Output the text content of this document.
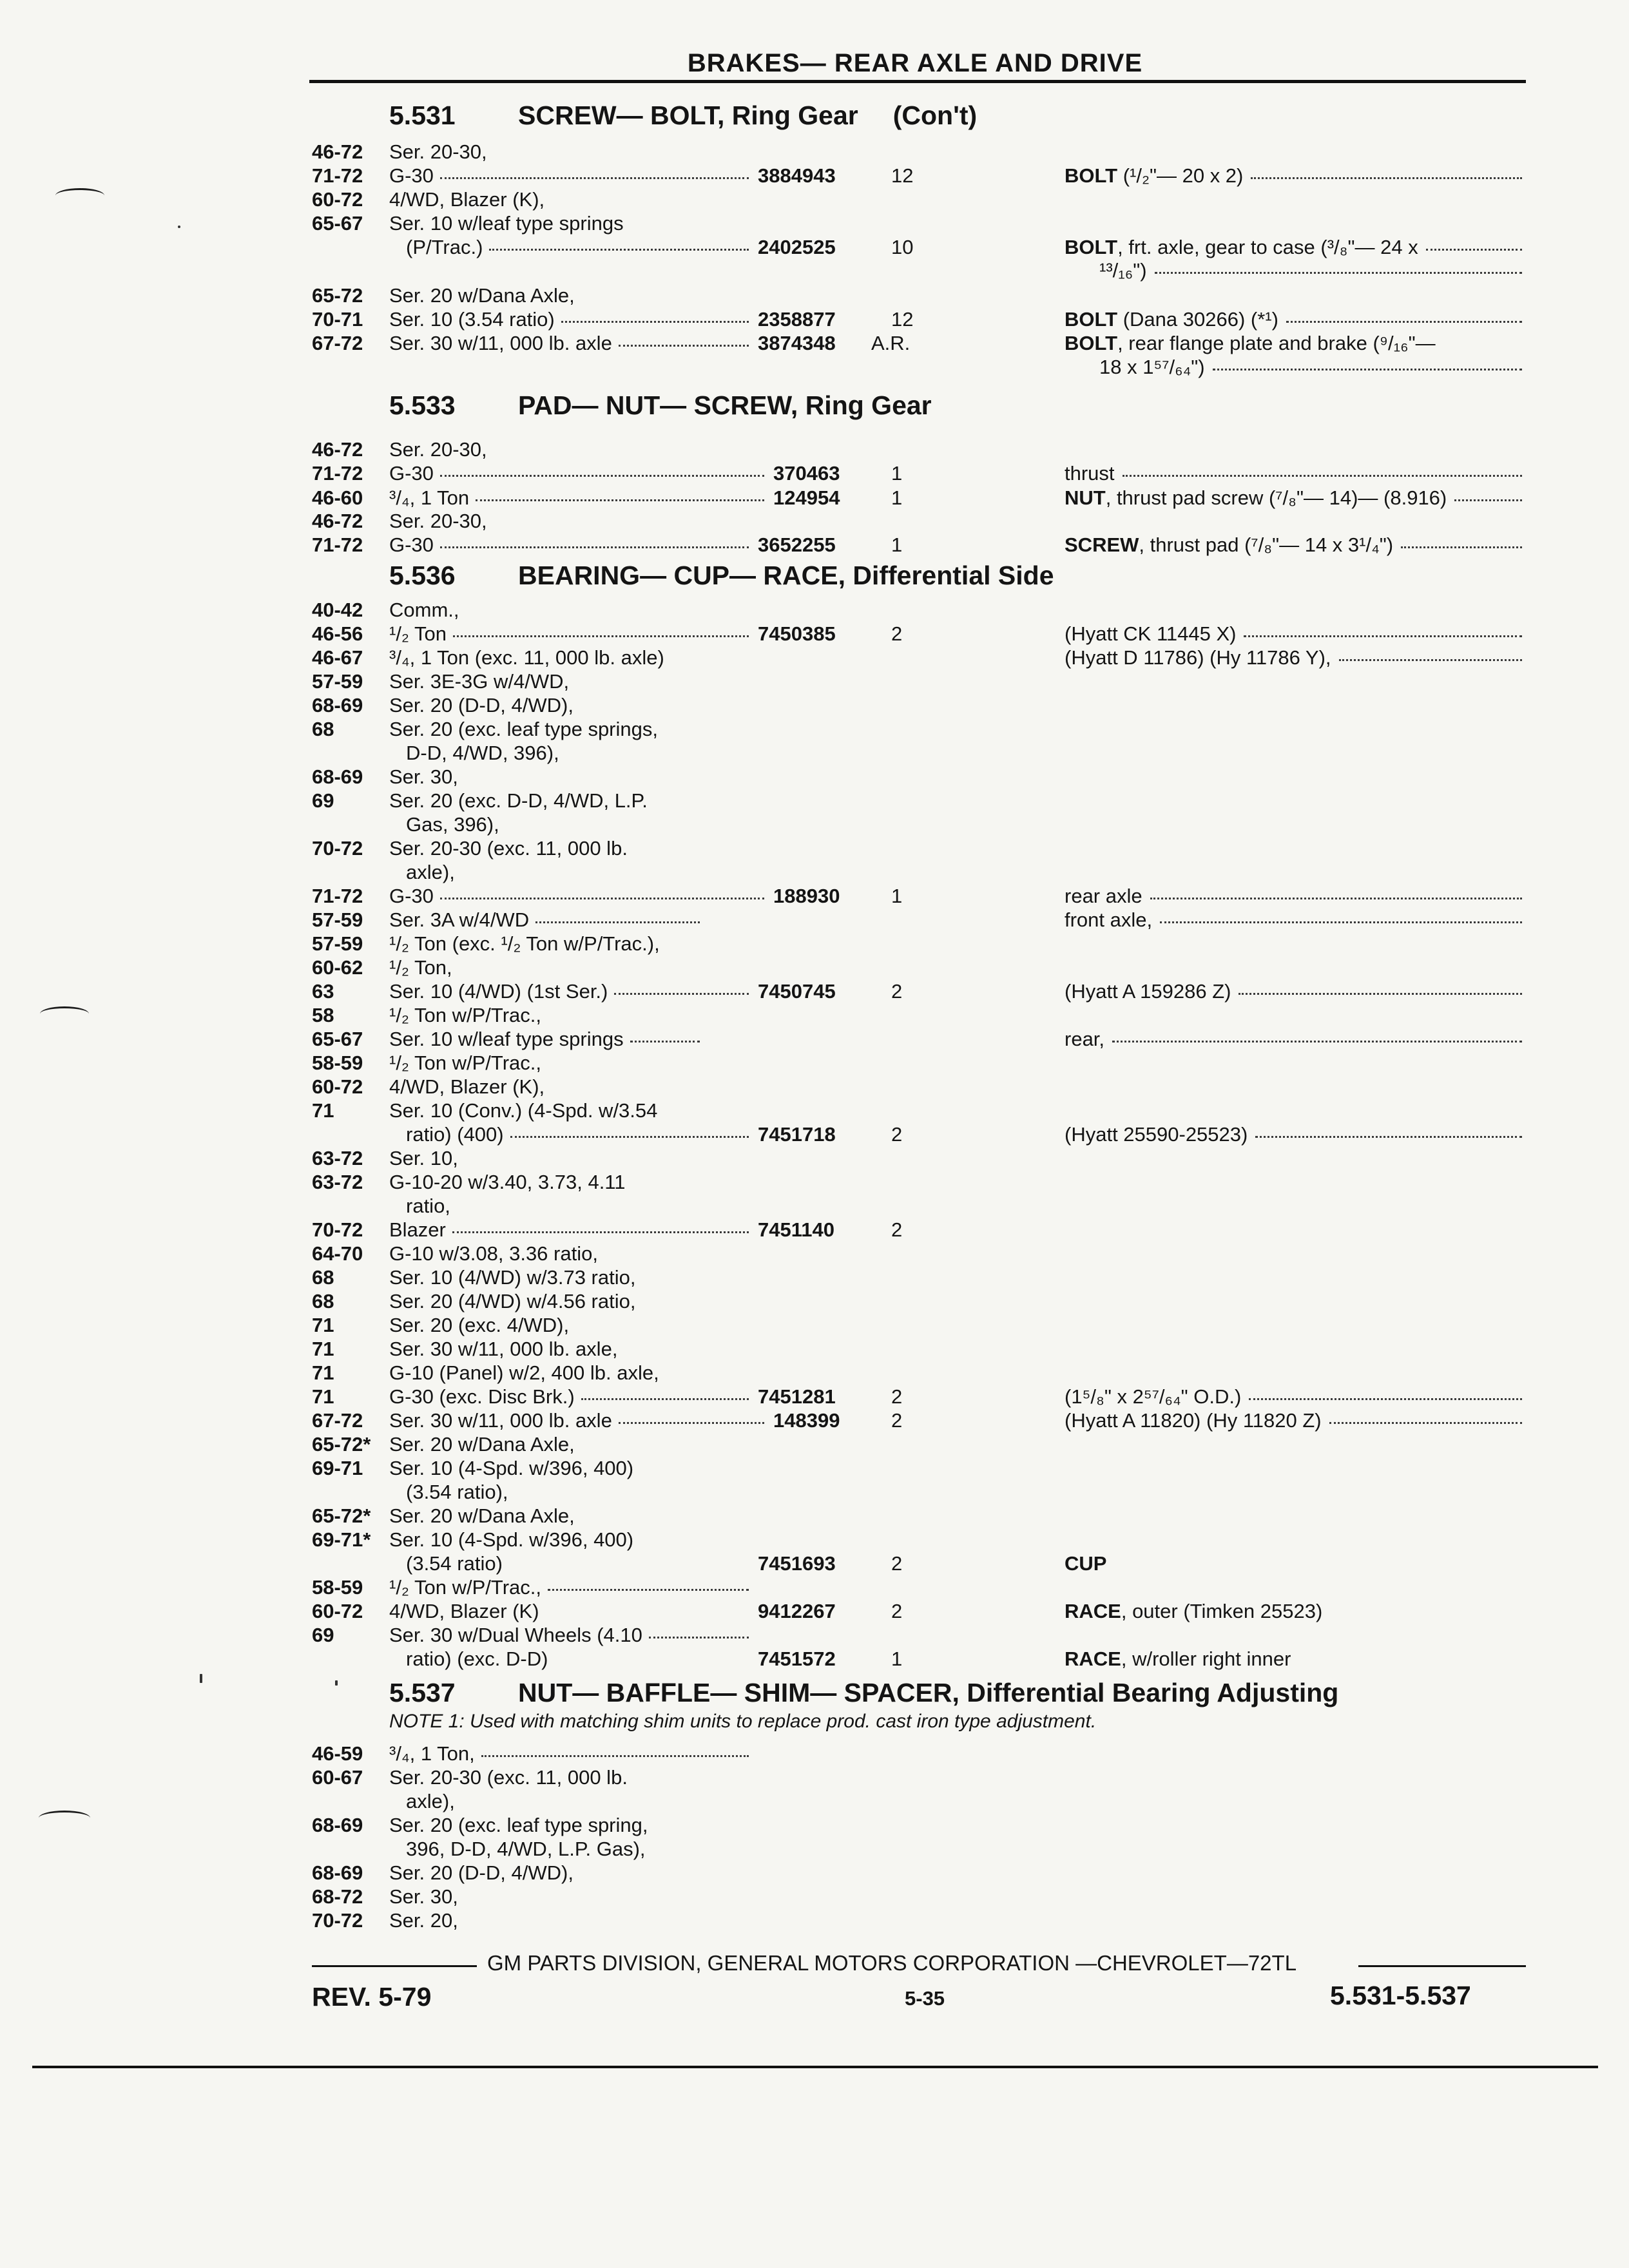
BRAKES— REAR AXLE AND DRIVE
5.531 SCREW— BOLT, Ring Gear (Con't)
5.533 PAD— NUT— SCREW, Ring Gear
5.536 BEARING— CUP— RACE, Differential Side
5.537 NUT— BAFFLE— SHIM— SPACER, Differential Bearing Adjusting
NOTE 1: Used with matching shim units to replace prod. cast iron type adjustment.
46-72 Ser. 20-30,
71-72 G-30	3884943	12	BOLT (¹/₂"— 20 x 2)
60-72 4/WD, Blazer (K),
65-67 Ser. 10 w/leaf type springs
(P/Trac.)	2402525	10	BOLT, frt. axle, gear to case (³/₈"— 24 x
¹³/₁₆")
65-72 Ser. 20 w/Dana Axle,
70-71 Ser. 10 (3.54 ratio)	2358877	12	BOLT (Dana 30266) (*¹)
67-72 Ser. 30 w/11, 000 lb. axle	3874348 A.R.	BOLT, rear flange plate and brake (⁹/₁₆"—
18 x 1⁵⁷/₆₄")
46-72 Ser. 20-30,
71-72 G-30	370463	1	thrust
46-60 ³/₄, 1 Ton	124954	1	NUT, thrust pad screw (⁷/₈"— 14)— (8.916)
46-72 Ser. 20-30,
71-72 G-30	3652255	1	SCREW, thrust pad (⁷/₈"— 14 x 3¹/₄")
40-42 Comm.,
46-56 ¹/₂ Ton	7450385	2	(Hyatt CK 11445 X)
46-67 ³/₄, 1 Ton (exc. 11, 000 lb. axle)	(Hyatt D 11786) (Hy 11786 Y),
57-59 Ser. 3E-3G w/4/WD,
68-69 Ser. 20 (D-D, 4/WD),
68	Ser. 20 (exc. leaf type springs,
D-D, 4/WD, 396),
68-69 Ser. 30,
69	Ser. 20 (exc. D-D, 4/WD, L.P.
Gas, 396),
70-72 Ser. 20-30 (exc. 11, 000 lb.
axle),
71-72 G-30	188930	1	rear axle
57-59 Ser. 3A w/4/WD	front axle,
57-59 ¹/₂ Ton (exc. ¹/₂ Ton w/P/Trac.),
60-62 ¹/₂ Ton,
63	Ser. 10 (4/WD) (1st Ser.)	7450745	2	(Hyatt A 159286 Z)
58	¹/₂ Ton w/P/Trac.,
65-67 Ser. 10 w/leaf type springs	rear,
58-59 ¹/₂ Ton w/P/Trac.,
60-72 4/WD, Blazer (K),
71	Ser. 10 (Conv.) (4-Spd. w/3.54
ratio) (400)	7451718	2	(Hyatt 25590-25523)
63-72 Ser. 10,
63-72 G-10-20 w/3.40, 3.73, 4.11
ratio,
70-72 Blazer	7451140	2
64-70 G-10 w/3.08, 3.36 ratio,
68	Ser. 10 (4/WD) w/3.73 ratio,
68	Ser. 20 (4/WD) w/4.56 ratio,
71	Ser. 20 (exc. 4/WD),
71	Ser. 30 w/11, 000 lb. axle,
71	G-10 (Panel) w/2, 400 lb. axle,
71	G-30 (exc. Disc Brk.)	7451281	2	(1⁵/₈" x 2⁵⁷/₆₄" O.D.)
67-72 Ser. 30 w/11, 000 lb. axle	148399	2	(Hyatt A 11820) (Hy 11820 Z)
65-72* Ser. 20 w/Dana Axle,
69-71 Ser. 10 (4-Spd. w/396, 400)
(3.54 ratio),
65-72* Ser. 20 w/Dana Axle,
69-71* Ser. 10 (4-Spd. w/396, 400)
(3.54 ratio)	7451693	2	CUP
58-59 ¹/₂ Ton w/P/Trac.,
60-72 4/WD, Blazer (K)	9412267	2	RACE, outer (Timken 25523)
69	Ser. 30 w/Dual Wheels (4.10
ratio) (exc. D-D)	7451572	1	RACE, w/roller right inner
46-59 ³/₄, 1 Ton,
60-67 Ser. 20-30 (exc. 11, 000 lb.
axle),
68-69 Ser. 20 (exc. leaf type spring,
396, D-D, 4/WD, L.P. Gas),
68-69 Ser. 20 (D-D, 4/WD),
68-72 Ser. 30,
70-72 Ser. 20,
GM PARTS DIVISION, GENERAL MOTORS CORPORATION —CHEVROLET—72TL
REV. 5-79	5-35	5.531-5.537
